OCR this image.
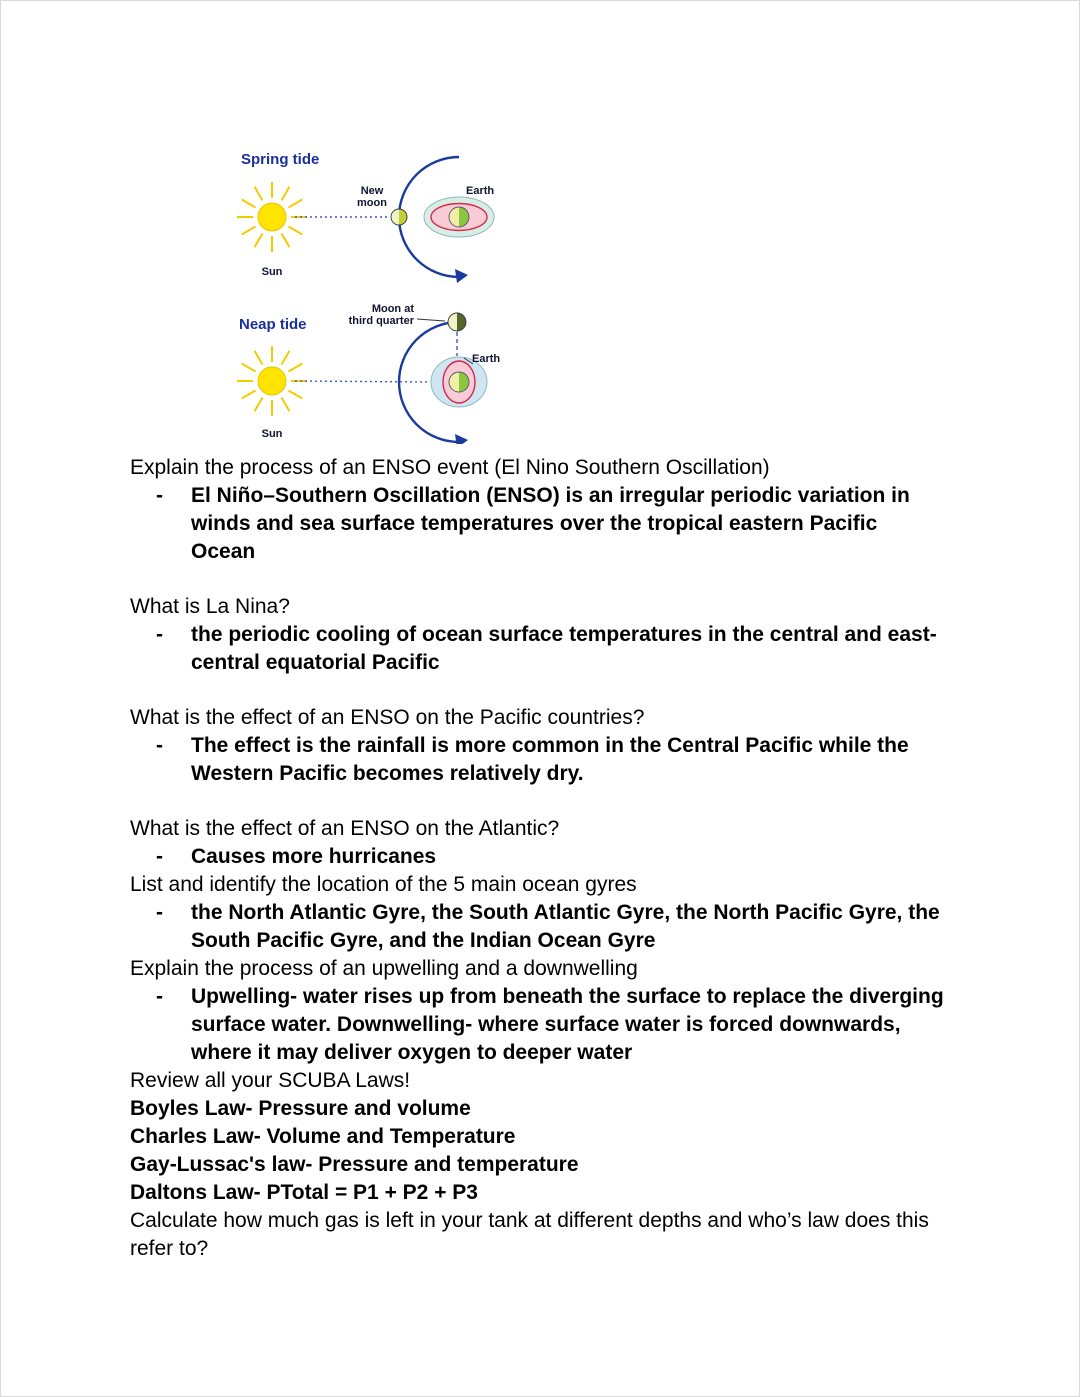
Spring tide
Sun
New
moon
Earth
Neap tide
Moon at
third quarter
Sun
Earth

Explain the process of an ENSO event (El Nino Southern Oscillation)

-	El Niño–Southern Oscillation (ENSO) is an irregular periodic variation in winds and sea surface temperatures over the tropical eastern Pacific Ocean

What is La Nina?

-	the periodic cooling of ocean surface temperatures in the central and east-central equatorial Pacific

What is the effect of an ENSO on the Pacific countries?

-	The effect is the rainfall is more common in the Central Pacific while the Western Pacific becomes relatively dry.

What is the effect of an ENSO on the Atlantic?

-	Causes more hurricanes

List and identify the location of the 5 main ocean gyres

-	the North Atlantic Gyre, the South Atlantic Gyre, the North Pacific Gyre, the South Pacific Gyre, and the Indian Ocean Gyre

Explain the process of an upwelling and a downwelling

-	Upwelling- water rises up from beneath the surface to replace the diverging surface water. Downwelling- where surface water is forced downwards, where it may deliver oxygen to deeper water

Review all your SCUBA Laws!

Boyles Law- Pressure and volume

Charles Law- Volume and Temperature

Gay-Lussac's law- Pressure and temperature

Daltons Law- PTotal = P1 + P2 + P3

Calculate how much gas is left in your tank at different depths and who’s law does this refer to?
